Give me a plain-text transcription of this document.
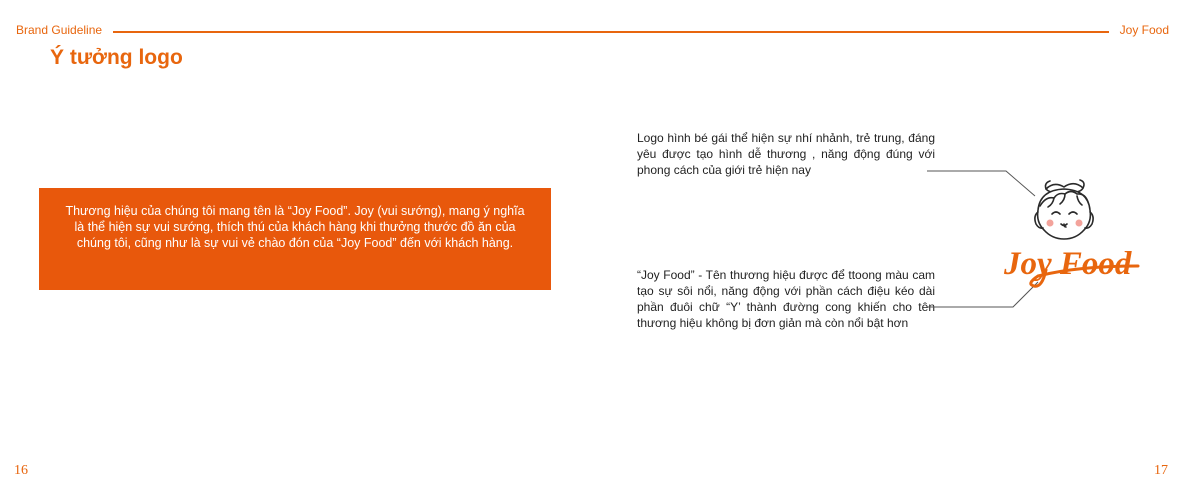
Brand Guideline	Joy Food
Ý tưởng logo
Thương hiệu của chúng tôi mang tên là “Joy Food”. Joy (vui sướng), mang ý nghĩa là thể hiện sự vui sướng, thích thú của khách hàng khi thưởng thước đồ ăn của chúng tôi, cũng như là sự vui vẻ chào đón của “Joy Food” đến với khách hàng.

Logo hình bé gái thể hiện sự nhí nhảnh, trẻ trung, đáng yêu được tạo hình dễ thương , năng động đúng với phong cách của giới trẻ hiện nay

“Joy Food” - Tên thương hiệu được để ttoong màu cam tạo sự sôi nổi, năng động với phần cách điệu kéo dài phần đuôi chữ “Y’ thành đường cong khiến cho tên thương hiệu không bị đơn giản mà còn nổi bật hơn

Joy Food
16	17
